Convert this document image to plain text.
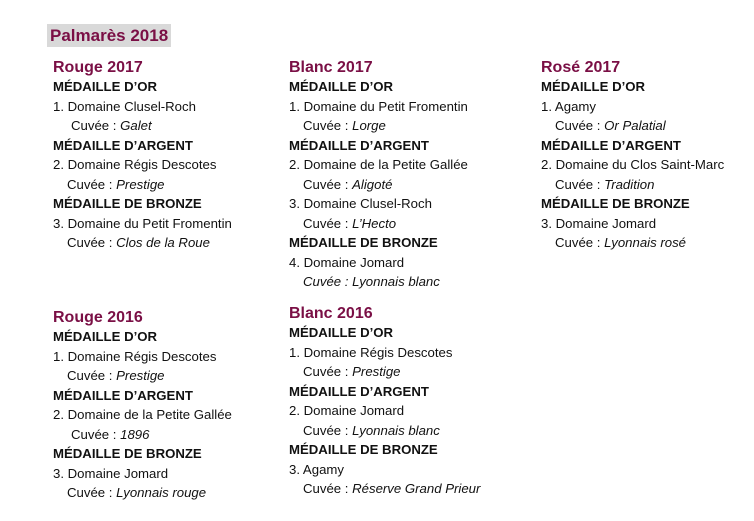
Palmarès 2018
Rouge 2017
MÉDAILLE D’OR
1. Domaine Clusel-Roch
Cuvée : Galet
MÉDAILLE D’ARGENT
2. Domaine Régis Descotes
Cuvée : Prestige
MÉDAILLE DE BRONZE
3. Domaine du Petit Fromentin
Cuvée : Clos de la Roue
Blanc 2017
MÉDAILLE D’OR
1. Domaine du Petit Fromentin
Cuvée : Lorge
MÉDAILLE D’ARGENT
2. Domaine de la Petite Gallée
Cuvée : Aligoté
3. Domaine Clusel-Roch
Cuvée : L’Hecto
MÉDAILLE DE BRONZE
4. Domaine Jomard
Cuvée : Lyonnais blanc
Rosé 2017
MÉDAILLE D’OR
1. Agamy
Cuvée : Or Palatial
MÉDAILLE D’ARGENT
2. Domaine du Clos Saint-Marc
Cuvée : Tradition
MÉDAILLE DE BRONZE
3. Domaine Jomard
Cuvée : Lyonnais rosé
Rouge 2016
MÉDAILLE D’OR
1. Domaine Régis Descotes
Cuvée : Prestige
MÉDAILLE D’ARGENT
2. Domaine de la Petite Gallée
Cuvée : 1896
MÉDAILLE DE BRONZE
3. Domaine Jomard
Cuvée : Lyonnais rouge
Blanc 2016
MÉDAILLE D’OR
1. Domaine Régis Descotes
Cuvée : Prestige
MÉDAILLE D’ARGENT
2. Domaine Jomard
Cuvée : Lyonnais blanc
MÉDAILLE DE BRONZE
3. Agamy
Cuvée : Réserve Grand Prieur
